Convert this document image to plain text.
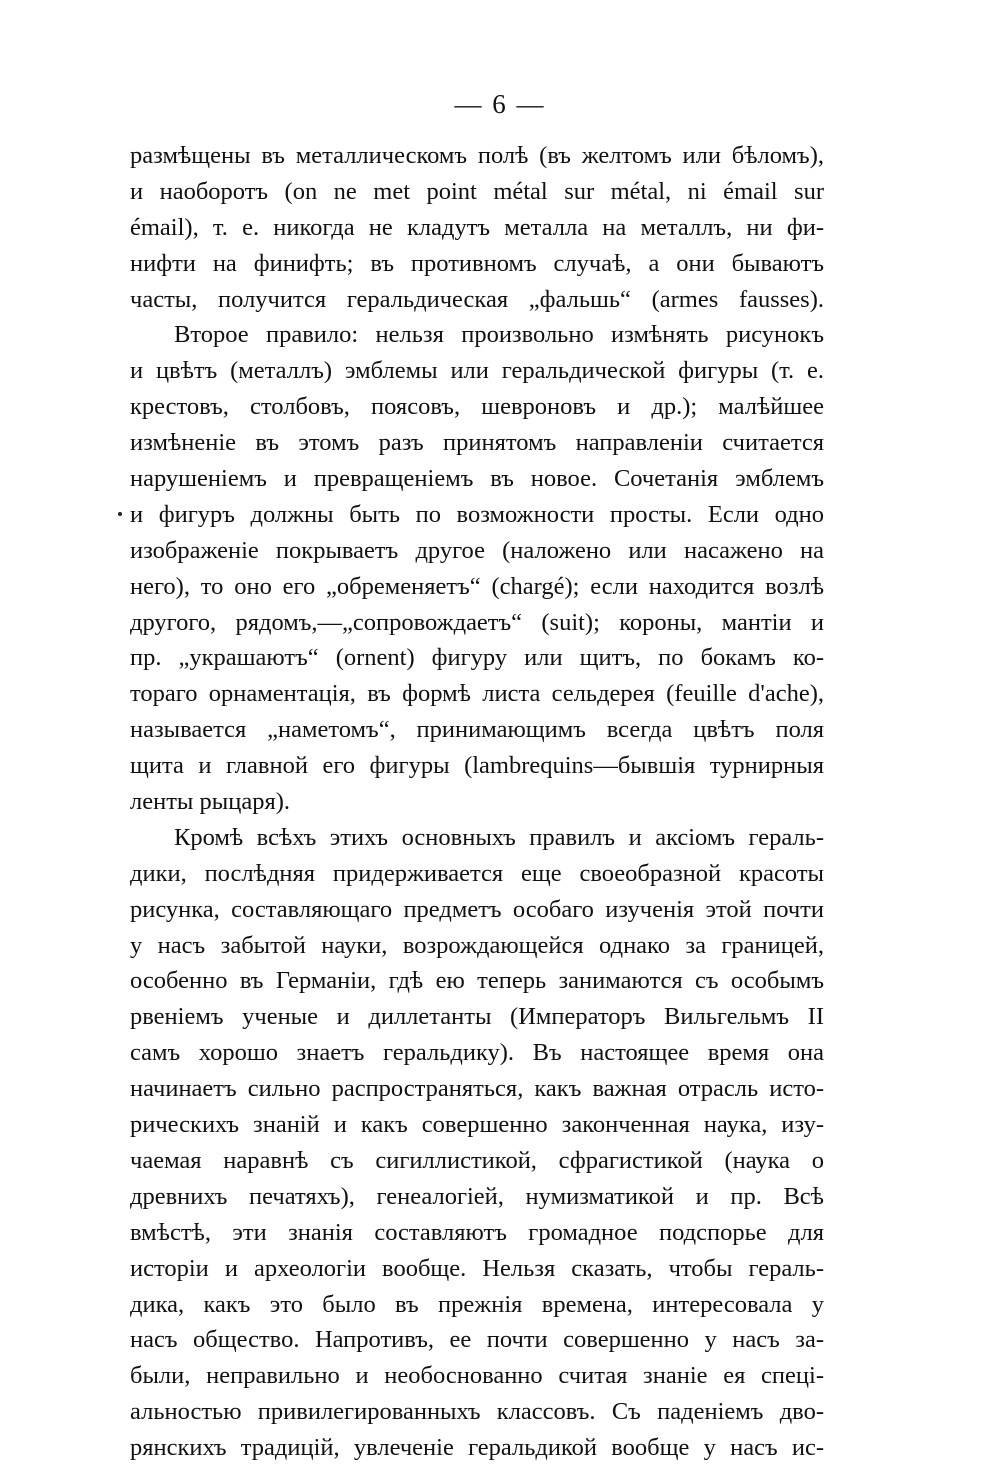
— 6 —
размѣщены въ металлическомъ полѣ (въ желтомъ или бѣломъ),
и наоборотъ (on ne met point métal sur métal, ni émail sur
émail), т. е. никогда не кладутъ металла на металлъ, ни фи-
нифти на финифть; въ противномъ случаѣ, а они бываютъ
часты, получится геральдическая „фальшь“ (armes fausses).
Второе правило: нельзя произвольно измѣнять рисунокъ
и цвѣтъ (металлъ) эмблемы или геральдической фигуры (т. е.
крестовъ, столбовъ, поясовъ, шевроновъ и др.); малѣйшее
измѣненіе въ этомъ разъ принятомъ направленіи считается
нарушеніемъ и превращеніемъ въ новое. Сочетанія эмблемъ
и фигуръ должны быть по возможности просты. Если одно
изображеніе покрываетъ другое (наложено или насажено на
него), то оно его „обременяетъ“ (chargé); если находится возлѣ
другого, рядомъ,—„сопровождаетъ“ (suit); короны, мантіи и
пр. „украшаютъ“ (ornent) фигуру или щитъ, по бокамъ ко-
тораго орнаментація, въ формѣ листа сельдерея (feuille d'ache),
называется „наметомъ“, принимающимъ всегда цвѣтъ поля
щита и главной его фигуры (lambrequins—бывшія турнирныя
ленты рыцаря).
Кромѣ всѣхъ этихъ основныхъ правилъ и аксіомъ гераль-
дики, послѣдняя придерживается еще своеобразной красоты
рисунка, составляющаго предметъ особаго изученія этой почти
у насъ забытой науки, возрождающейся однако за границей,
особенно въ Германіи, гдѣ ею теперь занимаются съ особымъ
рвеніемъ ученые и диллетанты (Императоръ Вильгельмъ II
самъ хорошо знаетъ геральдику). Въ настоящее время она
начинаетъ сильно распространяться, какъ важная отрасль исто-
рическихъ знаній и какъ совершенно законченная наука, изу-
чаемая наравнѣ съ сигиллистикой, сфрагистикой (наука о
древнихъ печатяхъ), генеалогіей, нумизматикой и пр. Всѣ
вмѣстѣ, эти знанія составляютъ громадное подспорье для
исторіи и археологіи вообще. Нельзя сказать, чтобы гераль-
дика, какъ это было въ прежнія времена, интересовала у
насъ общество. Напротивъ, ее почти совершенно у насъ за-
были, неправильно и необоснованно считая знаніе ея спеці-
альностью привилегированныхъ классовъ. Съ паденіемъ дво-
рянскихъ традицій, увлеченіе геральдикой вообще у насъ ис-
